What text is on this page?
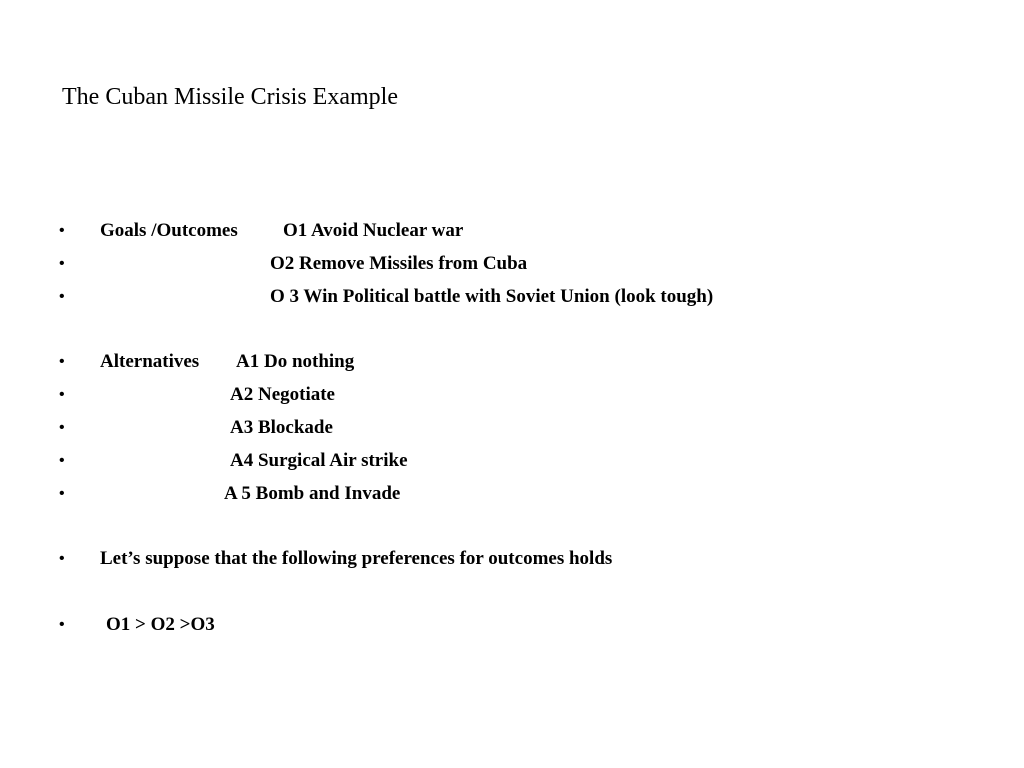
The Cuban Missile Crisis Example
• Goals /Outcomes O1 Avoid Nuclear war
•	O2 Remove Missiles from Cuba
•	O 3 Win Political battle with Soviet Union (look tough)
• Alternatives A1 Do nothing
•	A2 Negotiate
•	A3 Blockade
•	A4 Surgical Air strike
•	A 5 Bomb and Invade
• Let’s suppose that the following preferences for outcomes holds
• O1 > O2 >O3
